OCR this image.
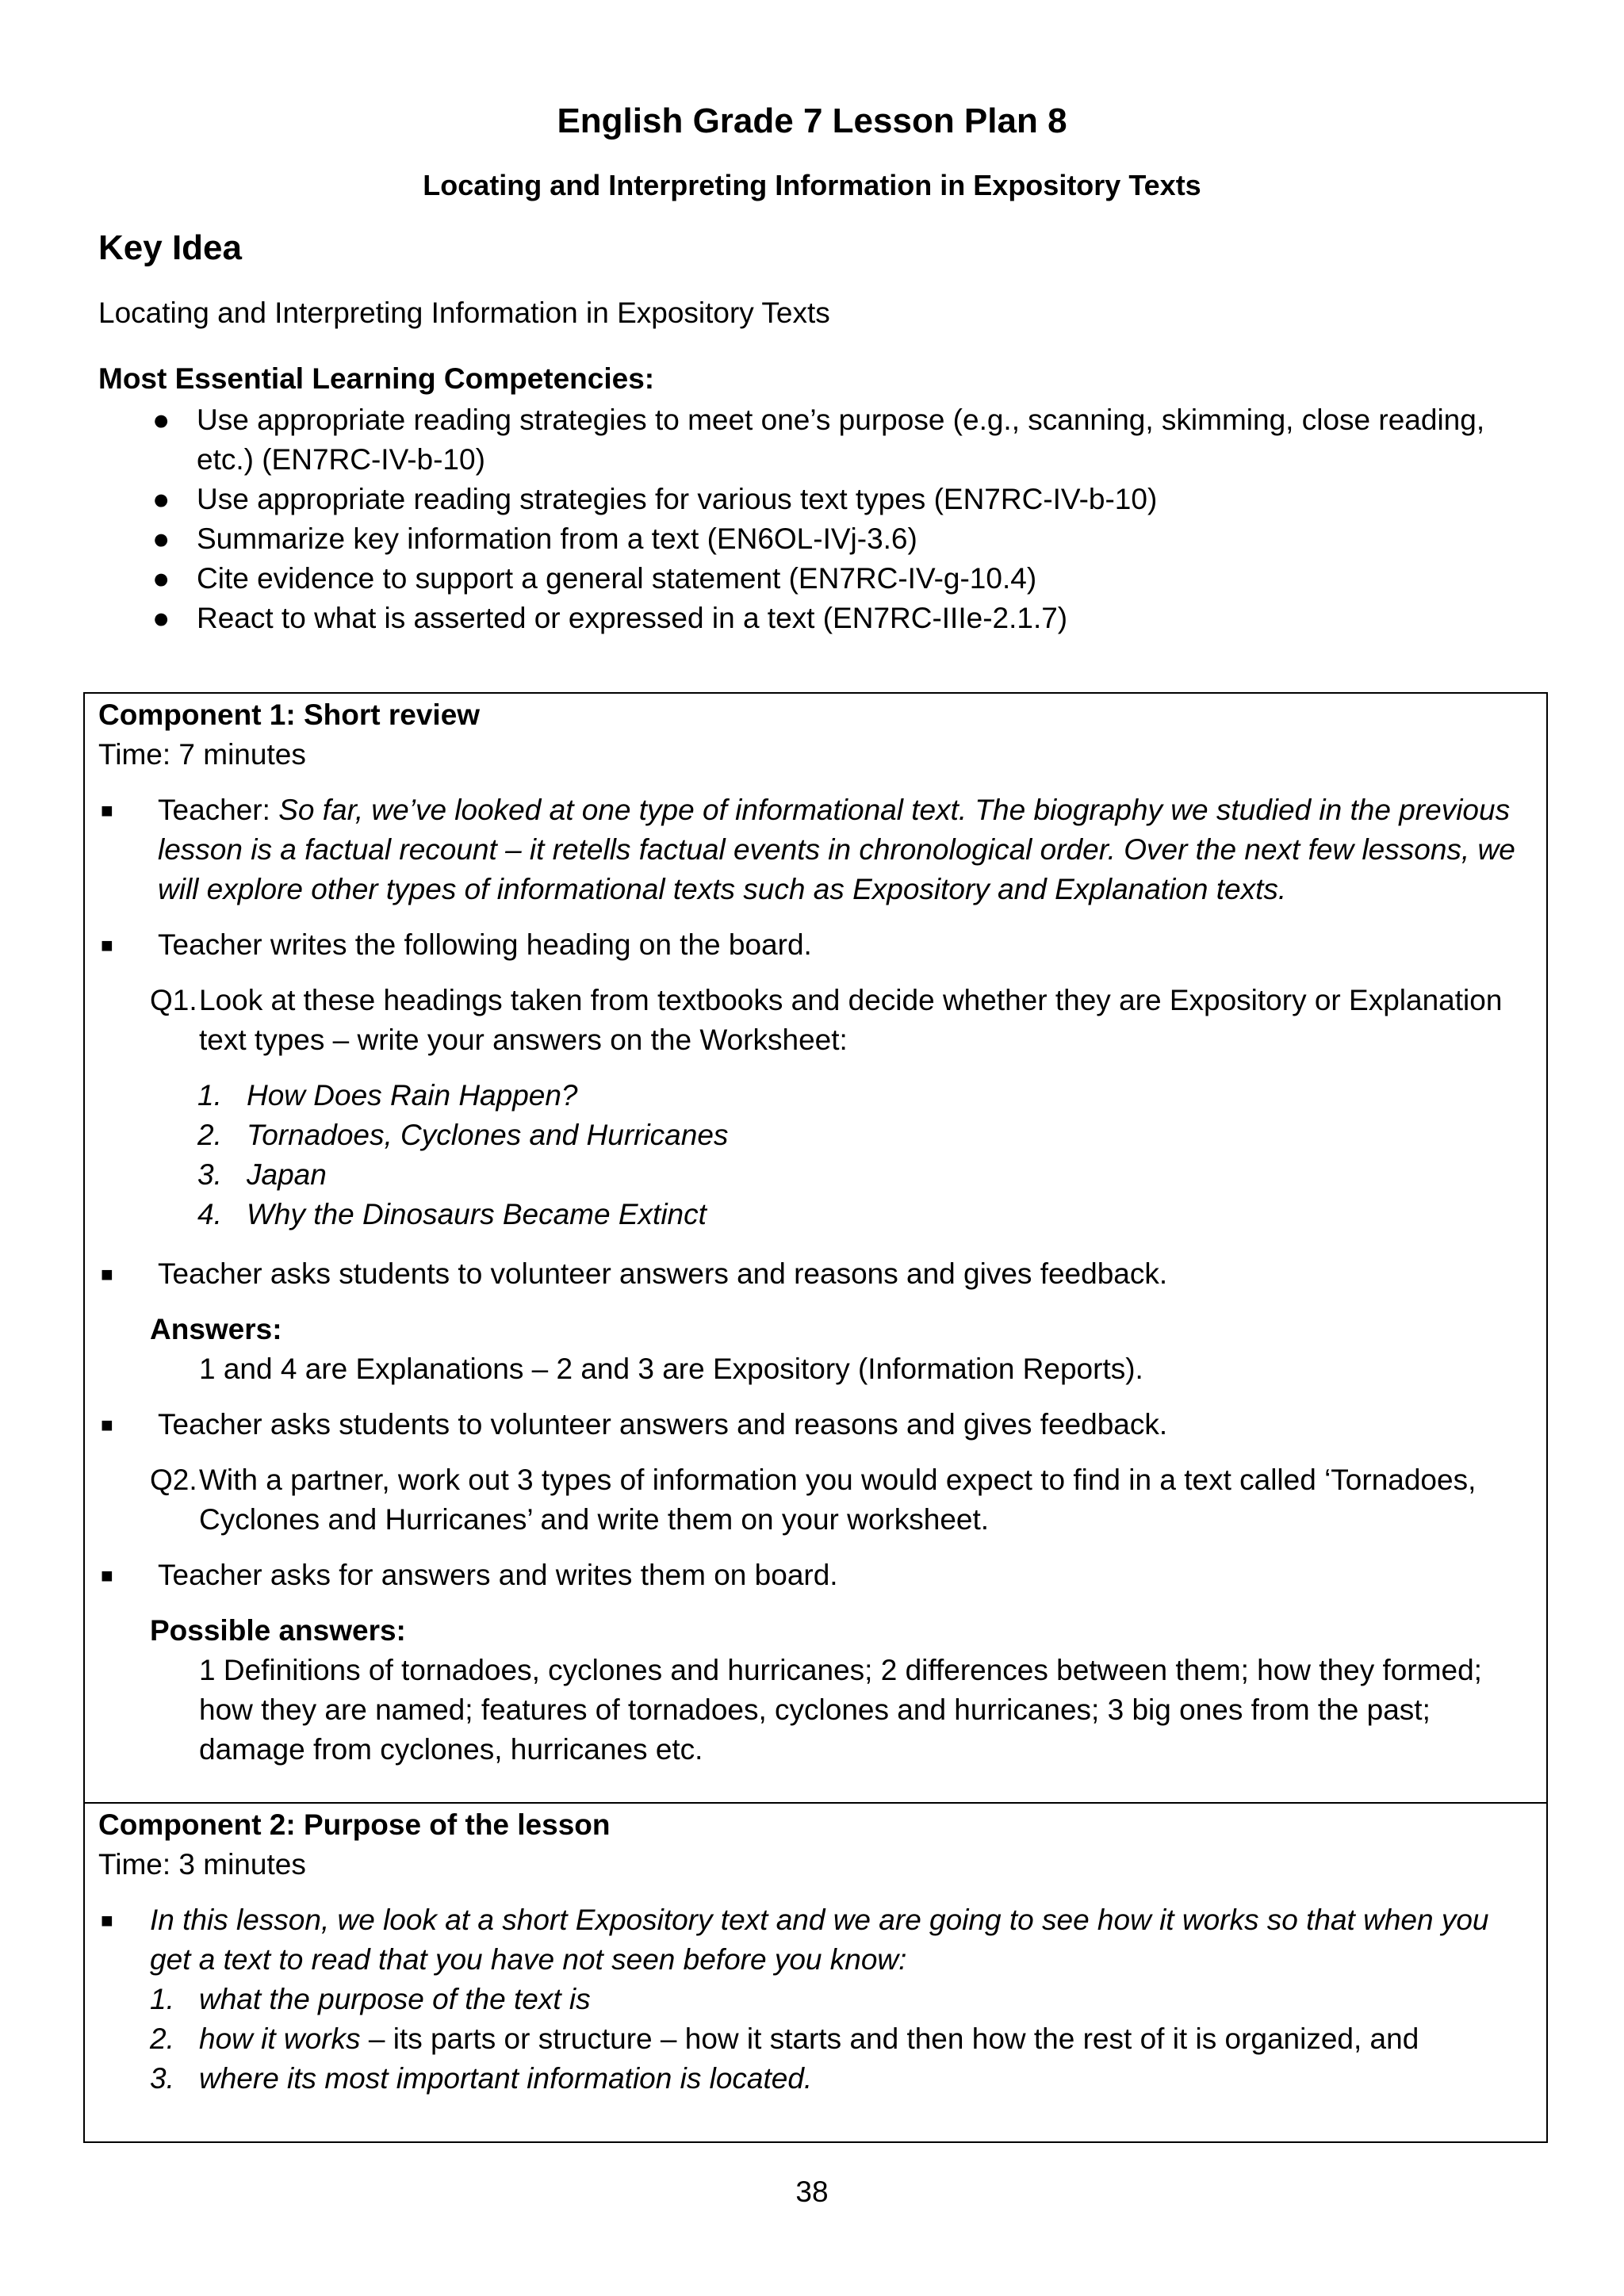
English Grade 7 Lesson Plan 8
Locating and Interpreting Information in Expository Texts
Key Idea
Locating and Interpreting Information in Expository Texts
Most Essential Learning Competencies:
● Use appropriate reading strategies to meet one’s purpose (e.g., scanning, skimming, close reading, etc.) (EN7RC-IV-b-10)
● Use appropriate reading strategies for various text types (EN7RC-IV-b-10)
● Summarize key information from a text (EN6OL-IVj-3.6)
● Cite evidence to support a general statement (EN7RC-IV-g-10.4)
● React to what is asserted or expressed in a text (EN7RC-IIIe-2.1.7)
Component 1: Short review
Time: 7 minutes
■ Teacher: So far, we’ve looked at one type of informational text. The biography we studied in the previous lesson is a factual recount – it retells factual events in chronological order. Over the next few lessons, we will explore other types of informational texts such as Expository and Explanation texts.
■ Teacher writes the following heading on the board.
Q1. Look at these headings taken from textbooks and decide whether they are Expository or Explanation text types – write your answers on the Worksheet:
1. How Does Rain Happen?
2. Tornadoes, Cyclones and Hurricanes
3. Japan
4. Why the Dinosaurs Became Extinct
■ Teacher asks students to volunteer answers and reasons and gives feedback.
Answers:
1 and 4 are Explanations – 2 and 3 are Expository (Information Reports).
■ Teacher asks students to volunteer answers and reasons and gives feedback.
Q2. With a partner, work out 3 types of information you would expect to find in a text called ‘Tornadoes, Cyclones and Hurricanes’ and write them on your worksheet.
■ Teacher asks for answers and writes them on board.
Possible answers:
1 Definitions of tornadoes, cyclones and hurricanes; 2 differences between them; how they formed; how they are named; features of tornadoes, cyclones and hurricanes; 3 big ones from the past; damage from cyclones, hurricanes etc.
Component 2: Purpose of the lesson
Time: 3 minutes
■ In this lesson, we look at a short Expository text and we are going to see how it works so that when you get a text to read that you have not seen before you know:
1. what the purpose of the text is
2. how it works – its parts or structure – how it starts and then how the rest of it is organized, and
3. where its most important information is located.
38
